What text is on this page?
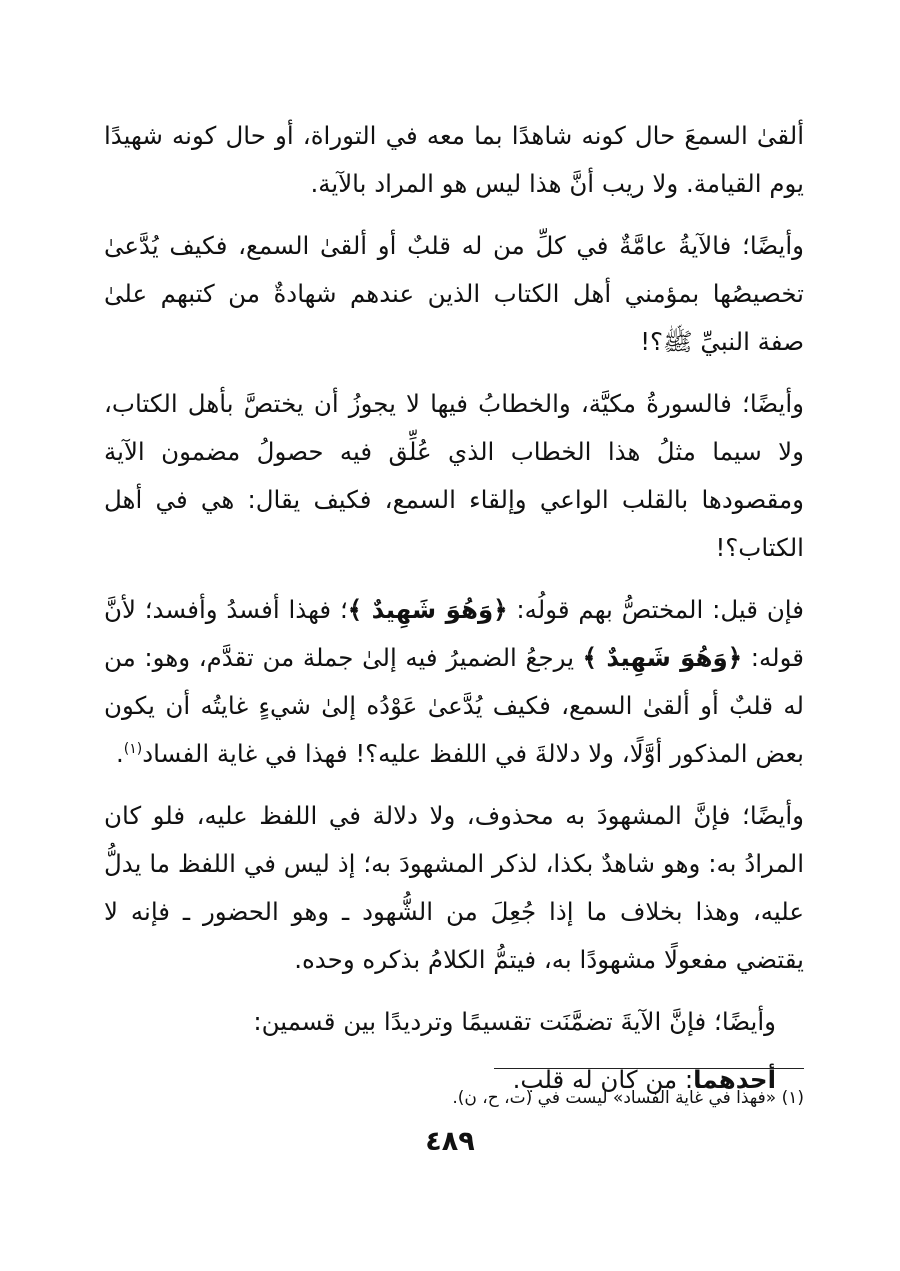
ألقىٰ السمعَ حال كونه شاهدًا بما معه في التوراة، أو حال كونه شهيدًا يوم القيامة. ولا ريب أنَّ هذا ليس هو المراد بالآية.

وأيضًا؛ فالآيةُ عامَّةٌ في كلِّ من له قلبٌ أو ألقىٰ السمع، فكيف يُدَّعىٰ تخصيصُها بمؤمني أهل الكتاب الذين عندهم شهادةٌ من كتبهم علىٰ صفة النبيِّ ﷺ؟!

وأيضًا؛ فالسورةُ مكيَّة، والخطابُ فيها لا يجوزُ أن يختصَّ بأهل الكتاب، ولا سيما مثلُ هذا الخطاب الذي عُلِّق فيه حصولُ مضمون الآية ومقصودها بالقلب الواعي وإلقاء السمع، فكيف يقال: هي في أهل الكتاب؟!

فإن قيل: المختصُّ بهم قولُه: ﴿وَهُوَ شَهِيدٌ ﴾؛ فهذا أفسدُ وأفسد؛ لأنَّ قوله: ﴿وَهُوَ شَهِيدٌ ﴾ يرجعُ الضميرُ فيه إلىٰ جملة من تقدَّم، وهو: من له قلبٌ أو ألقىٰ السمع، فكيف يُدَّعىٰ عَوْدُه إلىٰ شيءٍ غايتُه أن يكون بعض المذكور أوَّلًا، ولا دلالةَ في اللفظ عليه؟! فهذا في غاية الفساد$^{(١)}$.

وأيضًا؛ فإنَّ المشهودَ به محذوف، ولا دلالة في اللفظ عليه، فلو كان المرادُ به: وهو شاهدٌ بكذا، لذكر المشهودَ به؛ إذ ليس في اللفظ ما يدلُّ عليه، وهذا بخلاف ما إذا جُعِلَ من الشُّهود ـ وهو الحضور ـ فإنه لا يقتضي مفعولًا مشهودًا به، فيتمُّ الكلامُ بذكره وحده.

وأيضًا؛ فإنَّ الآيةَ تضمَّنَت تقسيمًا وترديدًا بين قسمين:

أحدهما: من كان له قلب.

(١) «فهذا في غاية الفساد» ليست في (ت، ح، ن).
٤٨٩
